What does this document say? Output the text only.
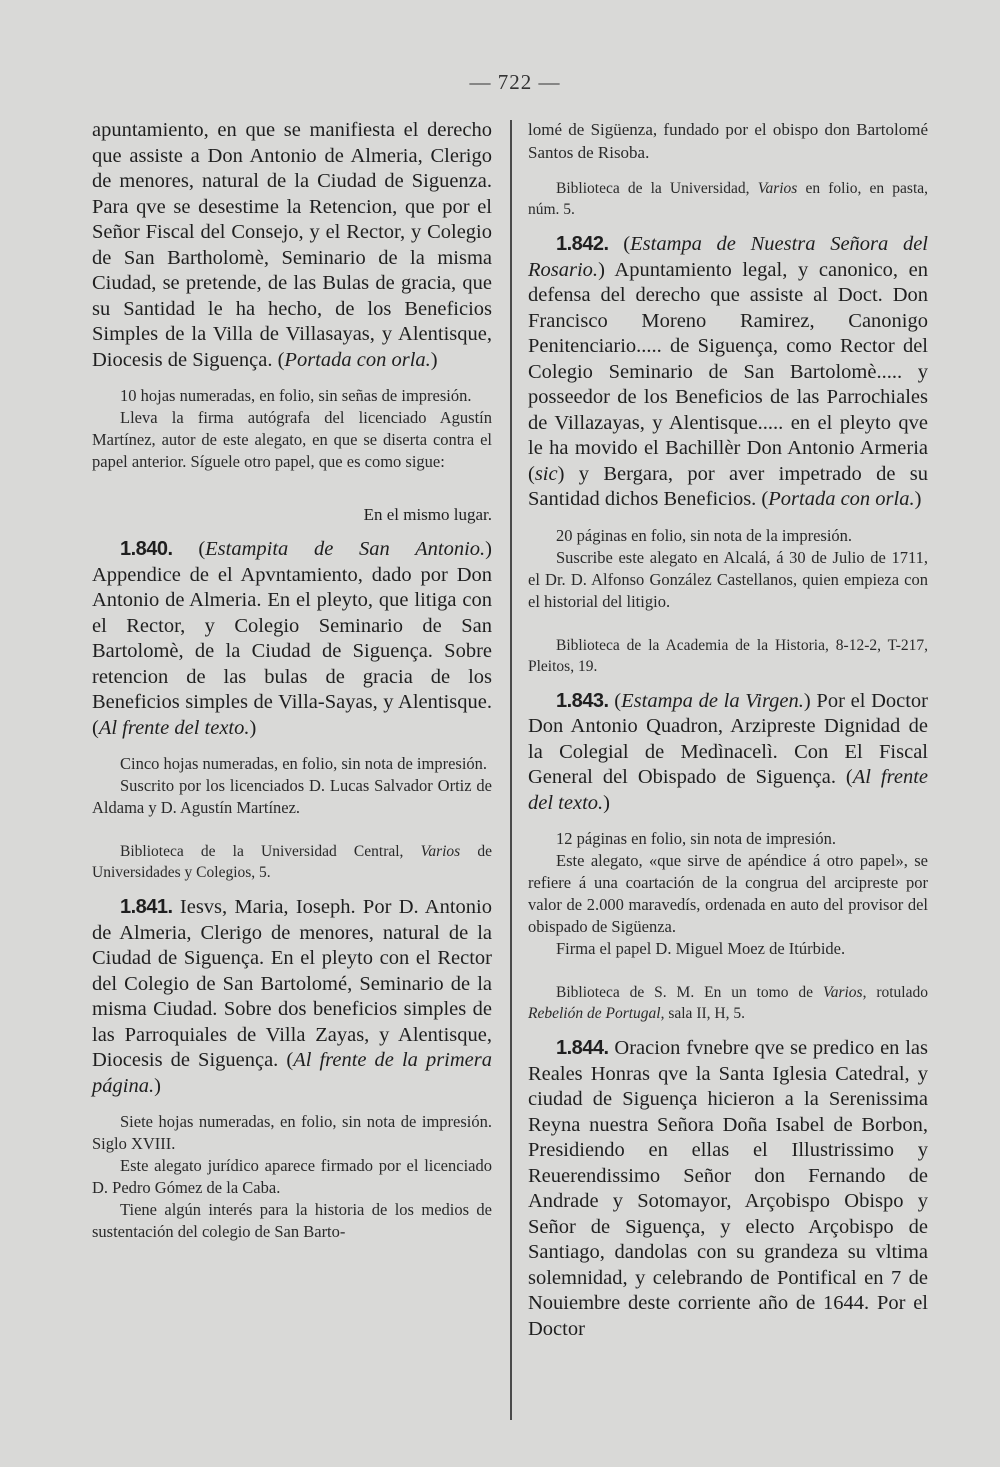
— 722 —

apuntamiento, en que se manifiesta el derecho que assiste a Don Antonio de Almeria, Clerigo de menores, natural de la Ciudad de Siguenza. Para qve se desestime la Retencion, que por el Señor Fiscal del Consejo, y el Rector, y Colegio de San Bartholomè, Seminario de la misma Ciudad, se pretende, de las Bulas de gracia, que su Santidad le ha hecho, de los Beneficios Simples de la Villa de Villasayas, y Alentisque, Diocesis de Siguença. (Portada con orla.)

10 hojas numeradas, en folio, sin señas de impresión.

Lleva la firma autógrafa del licenciado Agustín Martínez, autor de este alegato, en que se diserta contra el papel anterior. Síguele otro papel, que es como sigue:

En el mismo lugar.

1.840. (Estampita de San Antonio.) Appendice de el Apvntamiento, dado por Don Antonio de Almeria. En el pleyto, que litiga con el Rector, y Colegio Seminario de San Bartolomè, de la Ciudad de Siguença. Sobre retencion de las bulas de gracia de los Beneficios simples de Villa-Sayas, y Alentisque. (Al frente del texto.)

Cinco hojas numeradas, en folio, sin nota de impresión.

Suscrito por los licenciados D. Lucas Salvador Ortiz de Aldama y D. Agustín Martínez.

Biblioteca de la Universidad Central, Varios de Universidades y Colegios, 5.

1.841. Iesvs, Maria, Ioseph. Por D. Antonio de Almeria, Clerigo de menores, natural de la Ciudad de Siguença. En el pleyto con el Rector del Colegio de San Bartolomé, Seminario de la misma Ciudad. Sobre dos beneficios simples de las Parroquiales de Villa Zayas, y Alentisque, Diocesis de Siguença. (Al frente de la primera página.)

Siete hojas numeradas, en folio, sin nota de impresión. Siglo XVIII.

Este alegato jurídico aparece firmado por el licenciado D. Pedro Gómez de la Caba.

Tiene algún interés para la historia de los medios de sustentación del colegio de San Barto-

lomé de Sigüenza, fundado por el obispo don Bartolomé Santos de Risoba.

Biblioteca de la Universidad, Varios en folio, en pasta, núm. 5.

1.842. (Estampa de Nuestra Señora del Rosario.) Apuntamiento legal, y canonico, en defensa del derecho que assiste al Doct. Don Francisco Moreno Ramirez, Canonigo Penitenciario..... de Siguença, como Rector del Colegio Seminario de San Bartolomè..... y posseedor de los Beneficios de las Parrochiales de Villazayas, y Alentisque..... en el pleyto qve le ha movido el Bachillèr Don Antonio Armeria (sic) y Bergara, por aver impetrado de su Santidad dichos Beneficios. (Portada con orla.)

20 páginas en folio, sin nota de la impresión.

Suscribe este alegato en Alcalá, á 30 de Julio de 1711, el Dr. D. Alfonso González Castellanos, quien empieza con el historial del litigio.

Biblioteca de la Academia de la Historia, 8-12-2, T-217, Pleitos, 19.

1.843. (Estampa de la Virgen.) Por el Doctor Don Antonio Quadron, Arzipreste Dignidad de la Colegial de Medìnacelì. Con El Fiscal General del Obispado de Siguença. (Al frente del texto.)

12 páginas en folio, sin nota de impresión.

Este alegato, «que sirve de apéndice á otro papel», se refiere á una coartación de la congrua del arcipreste por valor de 2.000 maravedís, ordenada en auto del provisor del obispado de Sigüenza.

Firma el papel D. Miguel Moez de Itúrbide.

Biblioteca de S. M. En un tomo de Varios, rotulado Rebelión de Portugal, sala II, H, 5.

1.844. Oracion fvnebre qve se predico en las Reales Honras qve la Santa Iglesia Catedral, y ciudad de Siguença hicieron a la Serenissima Reyna nuestra Señora Doña Isabel de Borbon, Presidiendo en ellas el Illustrissimo y Reuerendissimo Señor don Fernando de Andrade y Sotomayor, Arçobispo Obispo y Señor de Siguença, y electo Arçobispo de Santiago, dandolas con su grandeza su vltima solemnidad, y celebrando de Pontifical en 7 de Nouiembre deste corriente año de 1644. Por el Doctor
